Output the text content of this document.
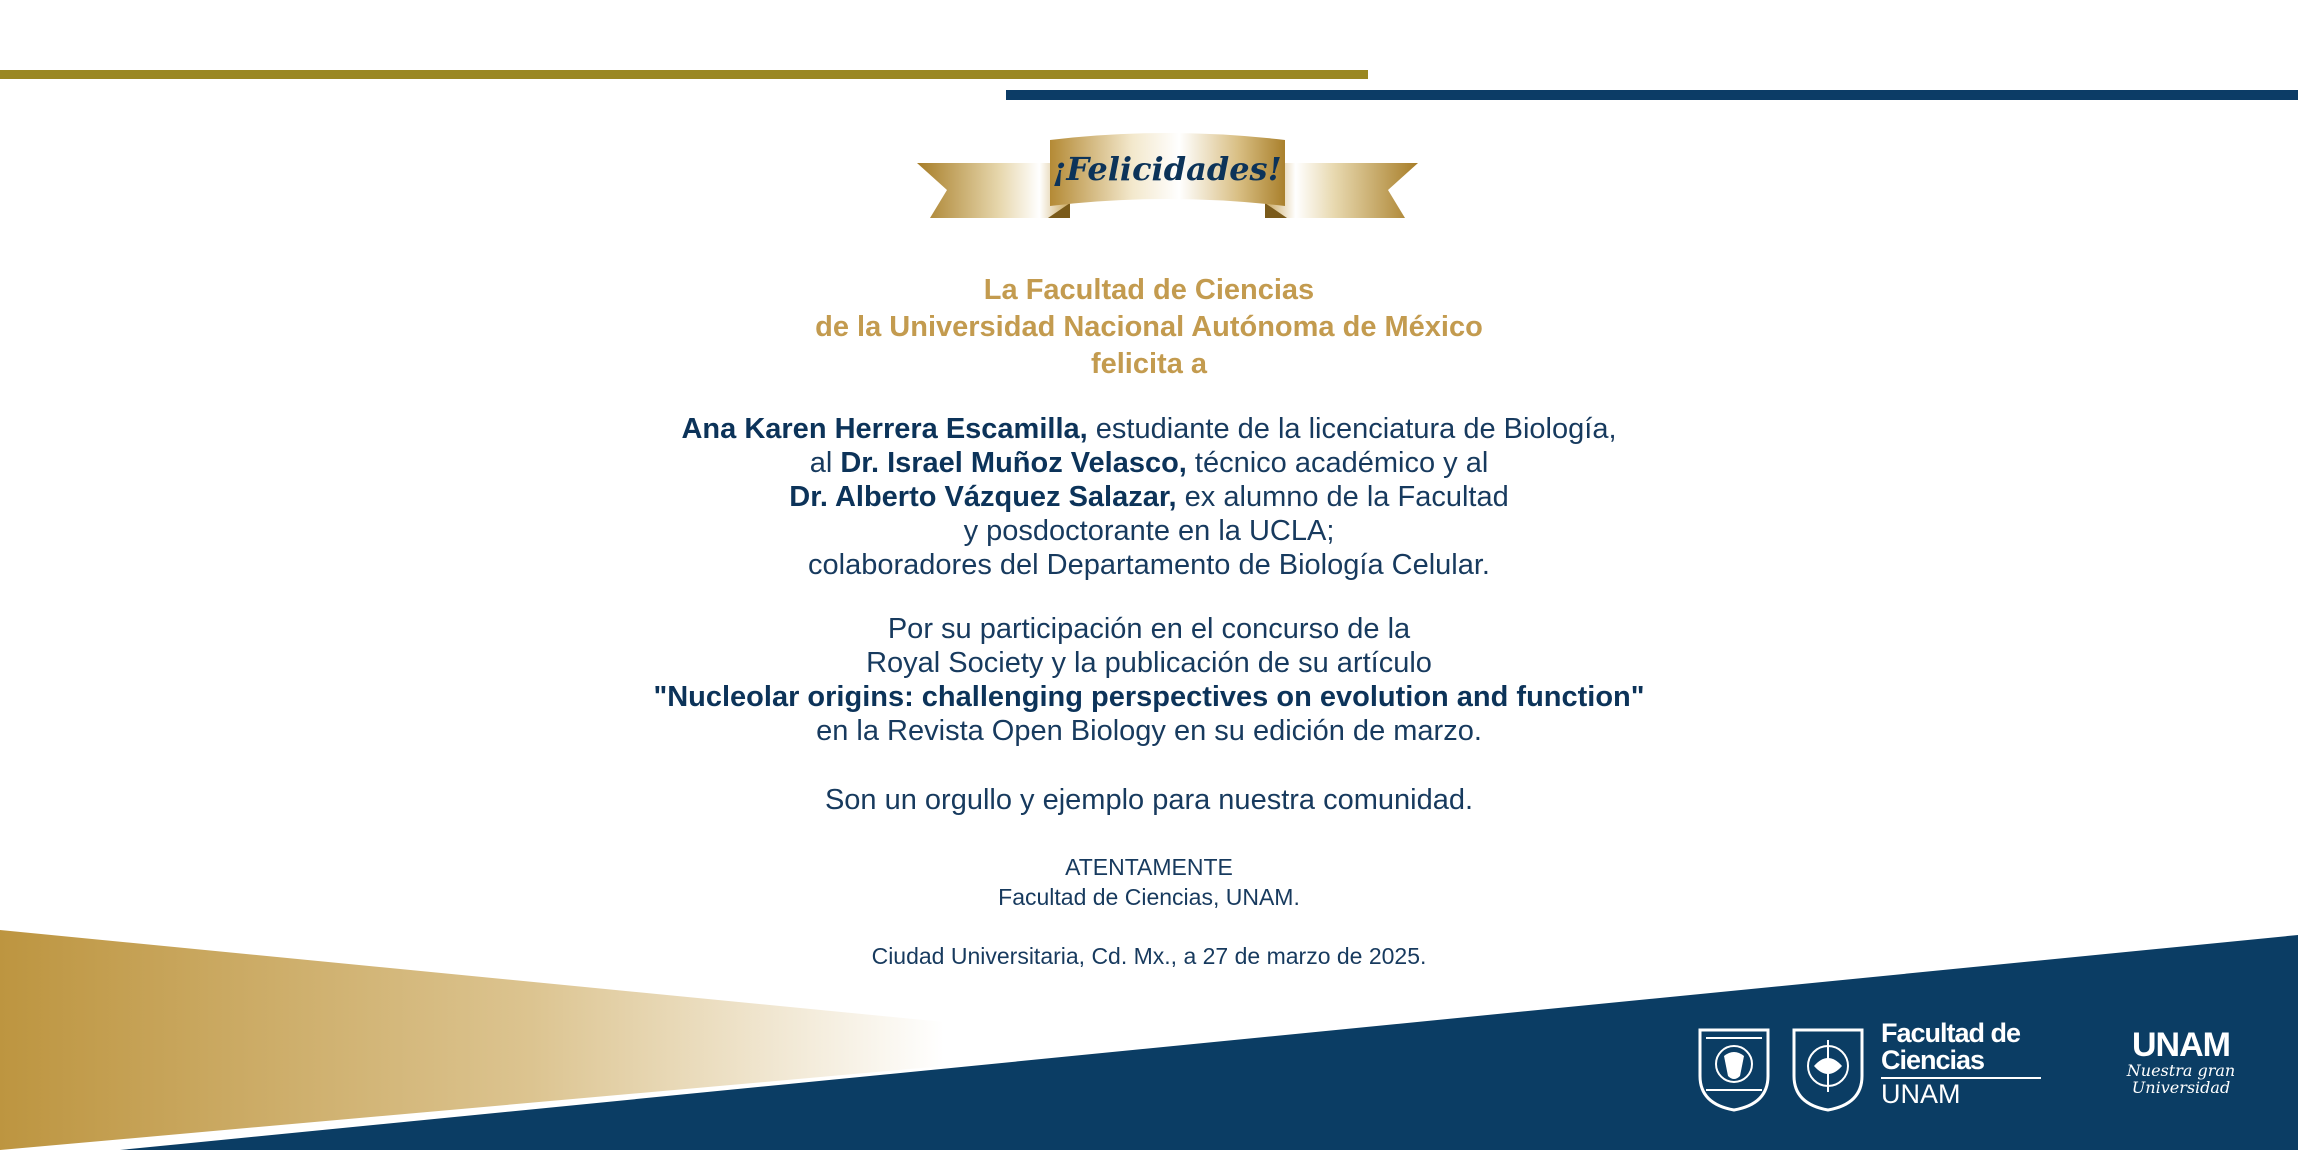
¡Felicidades!
La Facultad de Ciencias
de la Universidad Nacional Autónoma de México
felicita a
Ana Karen Herrera Escamilla, estudiante de la licenciatura de Biología,
al Dr. Israel Muñoz Velasco, técnico académico y al
Dr. Alberto Vázquez Salazar, ex alumno de la Facultad
y posdoctorante en la UCLA;
colaboradores del Departamento de Biología Celular.
Por su participación en el concurso de la
Royal Society y la publicación de su artículo
"Nucleolar origins: challenging perspectives on evolution and function"
en la Revista Open Biology en su edición de marzo.
Son un orgullo y ejemplo para nuestra comunidad.
ATENTAMENTE
Facultad de Ciencias, UNAM.
Ciudad Universitaria, Cd. Mx., a 27 de marzo de 2025.
Facultad de
Ciencias
UNAM
UNAM
Nuestra gran
Universidad
